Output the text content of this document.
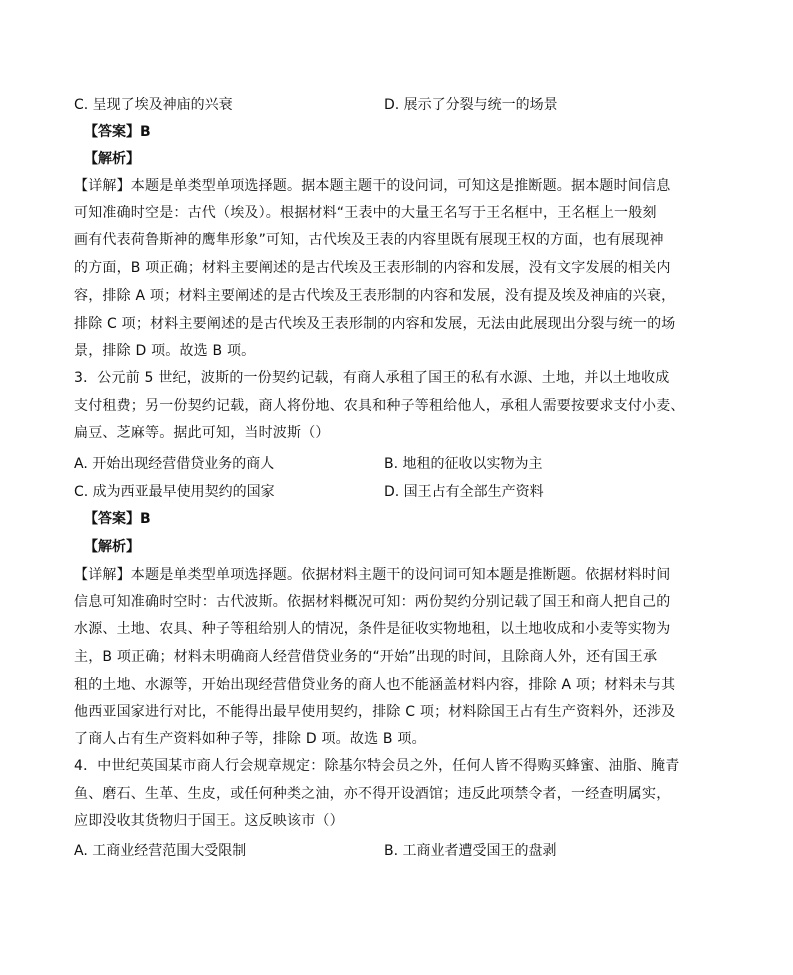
C. 呈现了埃及神庙的兴衰	D. 展示了分裂与统一的场景
【答案】B
【解析】
【详解】本题是单类型单项选择题。据本题主题干的设问词，可知这是推断题。据本题时间信息
可知准确时空是：古代（埃及）。根据材料“王表中的大量王名写于王名框中，王名框上一般刻
画有代表荷鲁斯神的鹰隼形象”可知，古代埃及王表的内容里既有展现王权的方面，也有展现神
的方面，B 项正确；材料主要阐述的是古代埃及王表形制的内容和发展，没有文字发展的相关内
容，排除 A 项；材料主要阐述的是古代埃及王表形制的内容和发展，没有提及埃及神庙的兴衰，
排除 C 项；材料主要阐述的是古代埃及王表形制的内容和发展，无法由此展现出分裂与统一的场
景，排除 D 项。故选 B 项。
3．公元前 5 世纪，波斯的一份契约记载，有商人承租了国王的私有水源、土地，并以土地收成
支付租费；另一份契约记载，商人将份地、农具和种子等租给他人，承租人需要按要求支付小麦、
扁豆、芝麻等。据此可知，当时波斯（）
A. 开始出现经营借贷业务的商人	B. 地租的征收以实物为主
C. 成为西亚最早使用契约的国家	D. 国王占有全部生产资料
【答案】B
【解析】
【详解】本题是单类型单项选择题。依据材料主题干的设问词可知本题是推断题。依据材料时间
信息可知准确时空时：古代波斯。依据材料概况可知：两份契约分别记载了国王和商人把自己的
水源、土地、农具、种子等租给别人的情况，条件是征收实物地租，以土地收成和小麦等实物为
主，B 项正确；材料未明确商人经营借贷业务的“开始”出现的时间，且除商人外，还有国王承
租的土地、水源等，开始出现经营借贷业务的商人也不能涵盖材料内容，排除 A 项；材料未与其
他西亚国家进行对比，不能得出最早使用契约，排除 C 项；材料除国王占有生产资料外，还涉及
了商人占有生产资料如种子等，排除 D 项。故选 B 项。
4．中世纪英国某市商人行会规章规定：除基尔特会员之外，任何人皆不得购买蜂蜜、油脂、腌青
鱼、磨石、生革、生皮，或任何种类之油，亦不得开设酒馆；违反此项禁令者，一经查明属实，
应即没收其货物归于国王。这反映该市（）
A. 工商业经营范围大受限制	B. 工商业者遭受国王的盘剥
